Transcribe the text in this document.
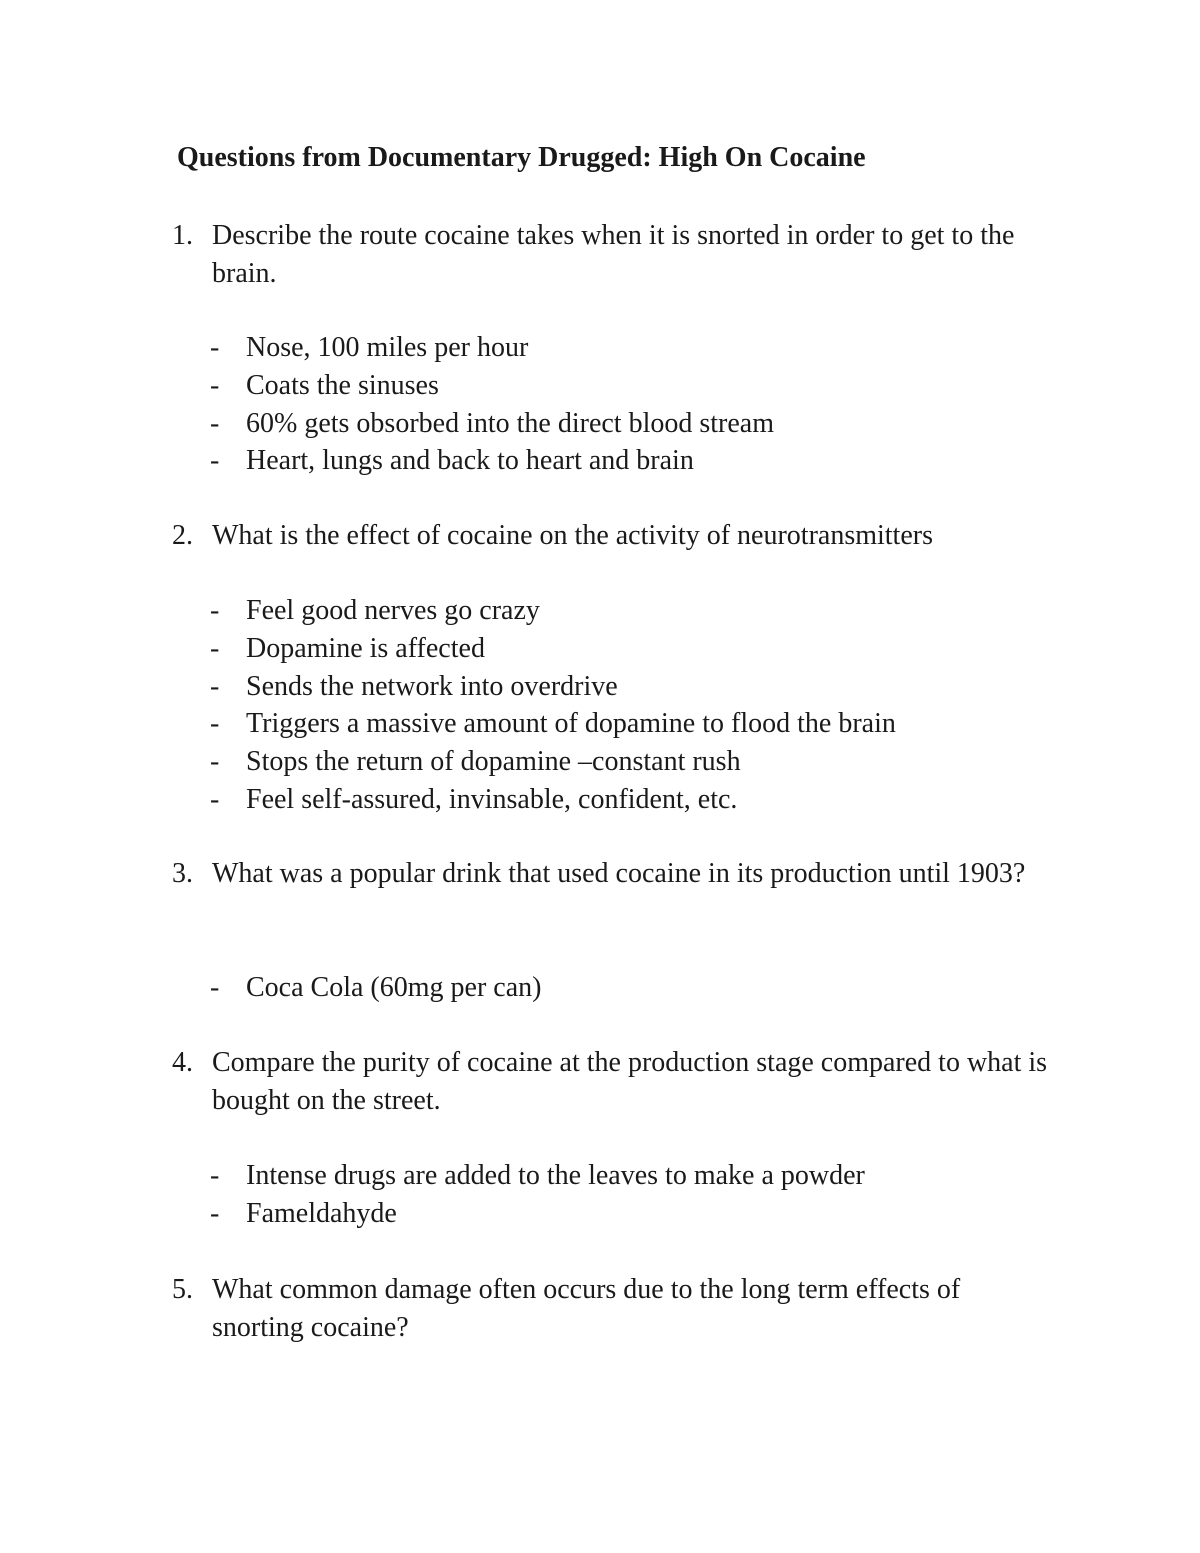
Questions from Documentary Drugged: High On Cocaine
1. Describe the route cocaine takes when it is snorted in order to get to the brain.
- Nose, 100 miles per hour
- Coats the sinuses
- 60% gets obsorbed into the direct blood stream
- Heart, lungs and back to heart and brain
2. What is the effect of cocaine on the activity of neurotransmitters
- Feel good nerves go crazy
- Dopamine is affected
- Sends the network into overdrive
- Triggers a massive amount of dopamine to flood the brain
- Stops the return of dopamine –constant rush
- Feel self-assured, invinsable, confident, etc.
3. What was a popular drink that used cocaine in its production until 1903?
- Coca Cola (60mg per can)
4. Compare the purity of cocaine at the production stage compared to what is bought on the street.
- Intense drugs are added to the leaves to make a powder
- Fameldahyde
5. What common damage often occurs due to the long term effects of snorting cocaine?
